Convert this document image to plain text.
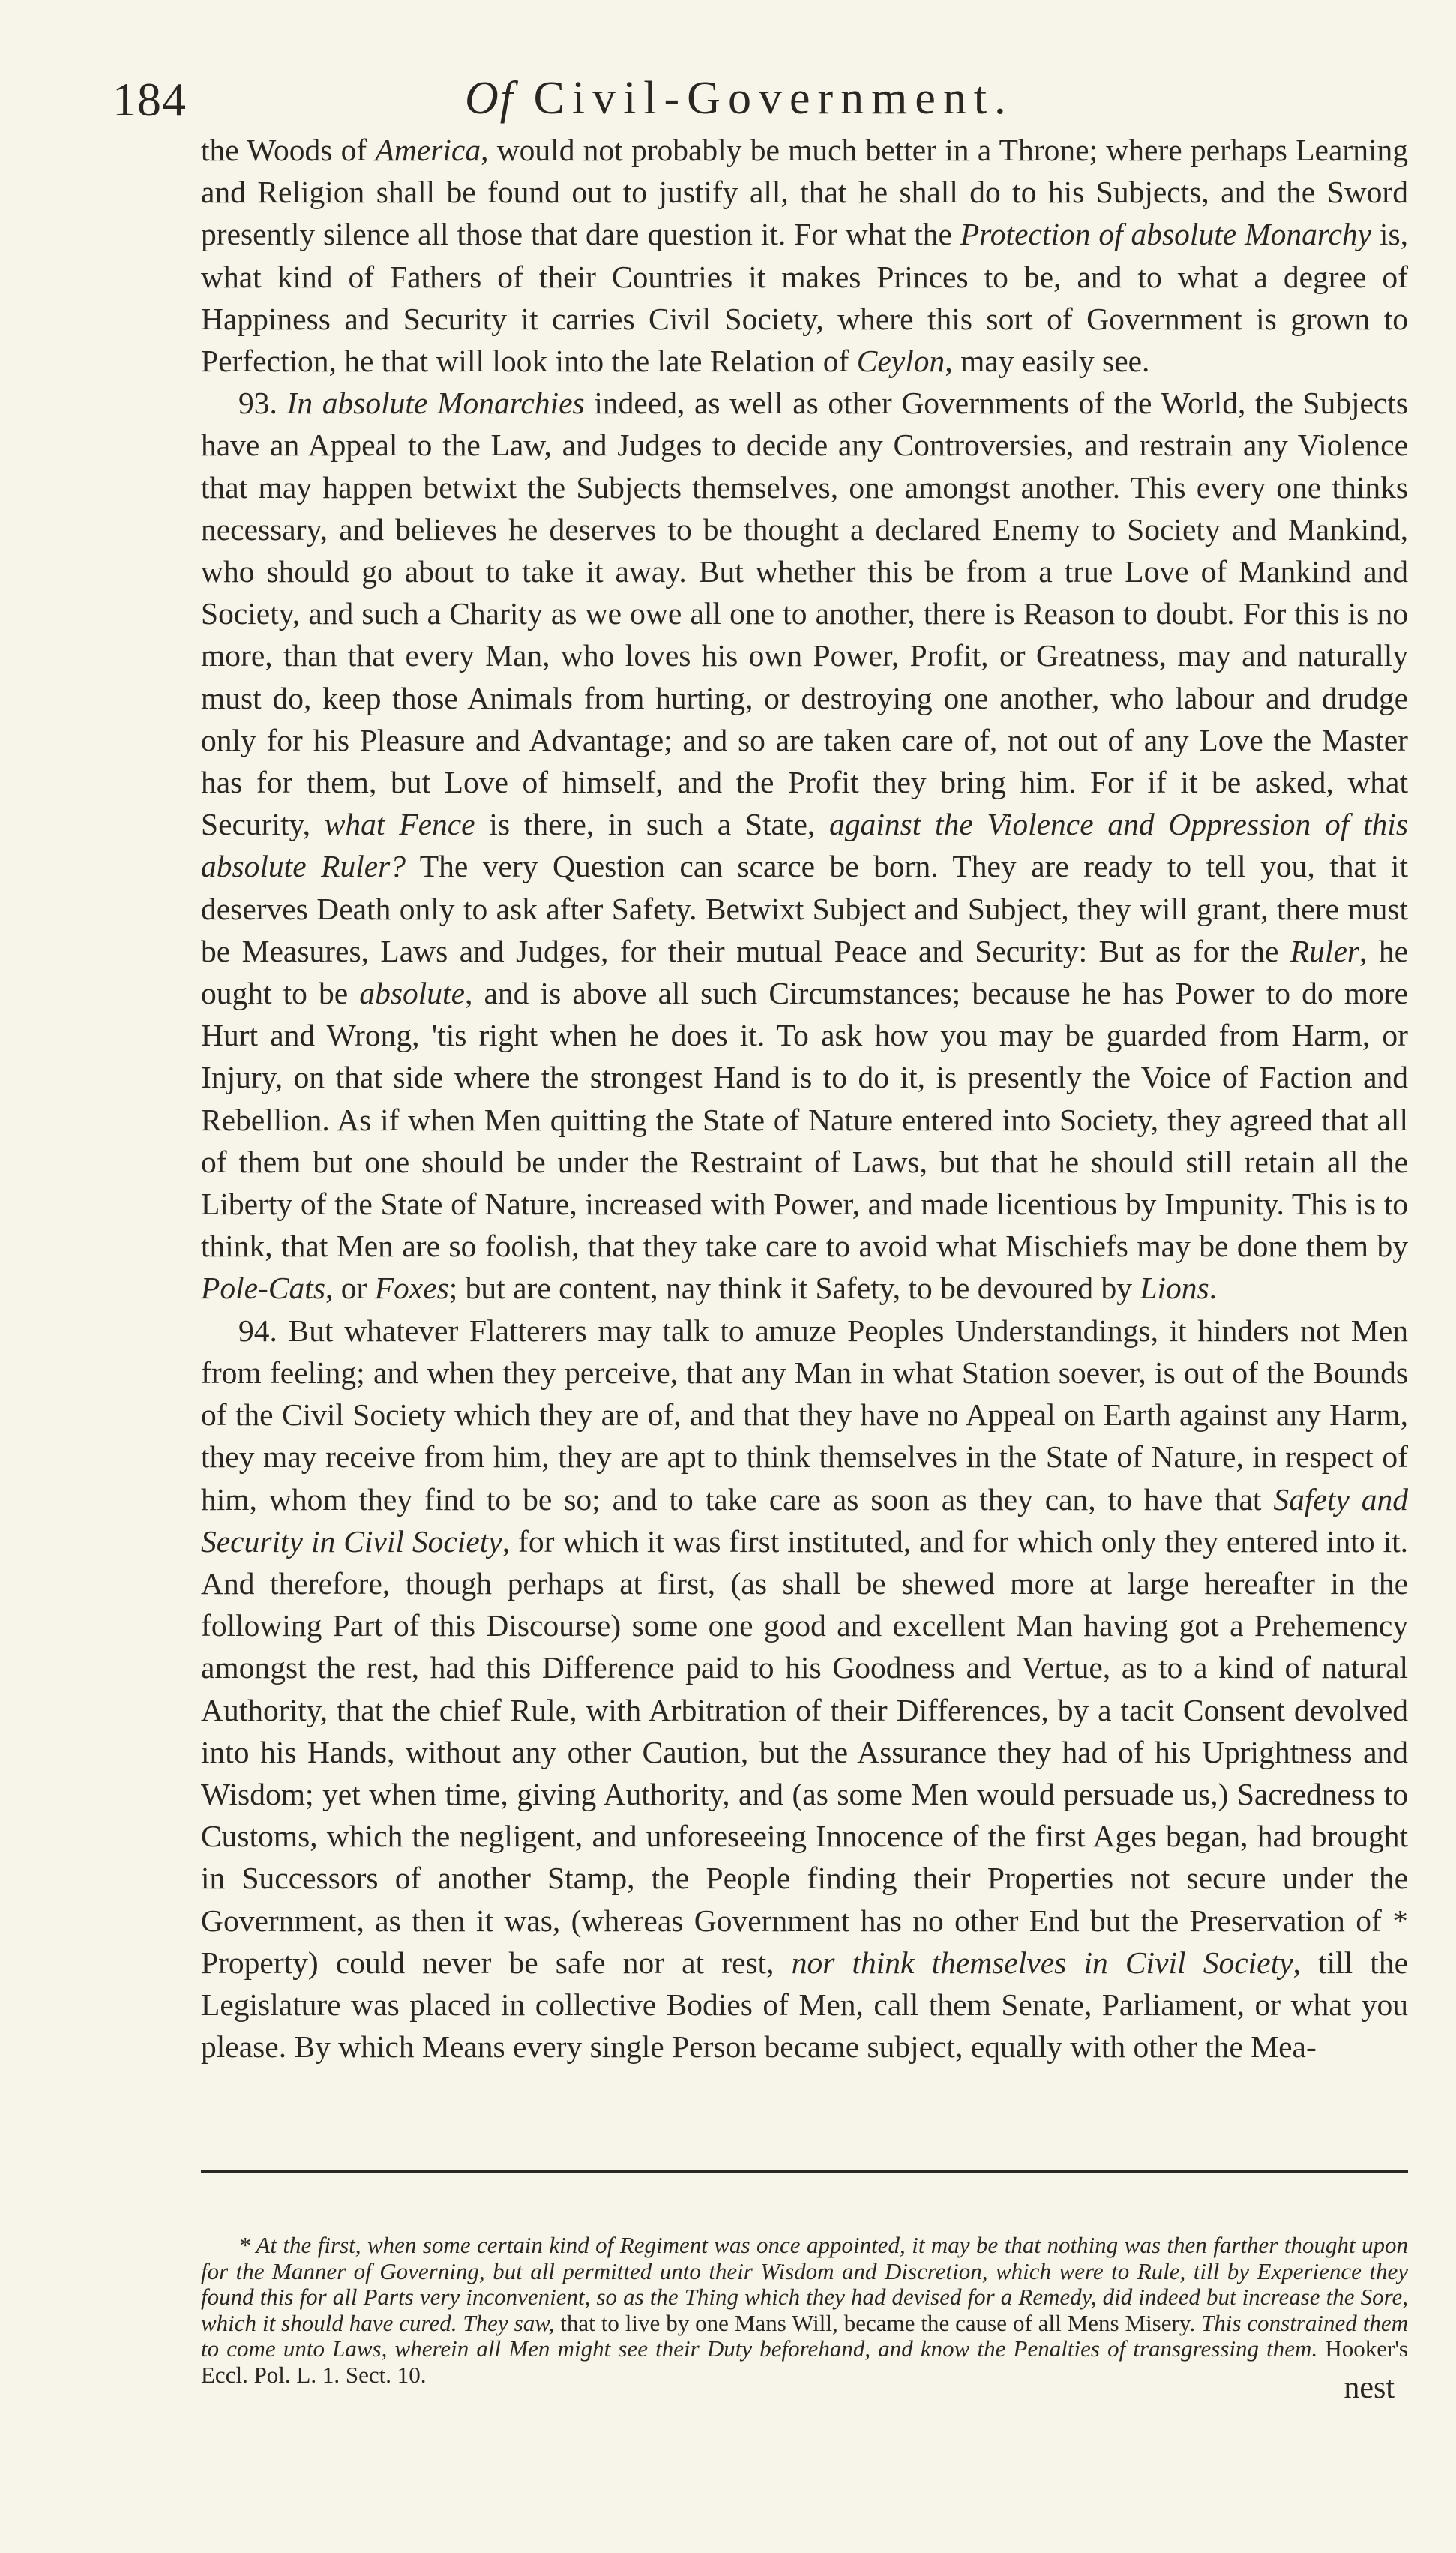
184	Of Civil-Government.

the Woods of America, would not probably be much better in a Throne; where perhaps Learning and Religion shall be found out to justify all, that he shall do to his Subjects, and the Sword presently silence all those that dare question it. For what the Protection of absolute Monarchy is, what kind of Fathers of their Countries it makes Princes to be, and to what a degree of Happiness and Security it carries Civil Society, where this sort of Government is grown to Perfection, he that will look into the late Relation of Ceylon, may easily see.

93. In absolute Monarchies indeed, as well as other Governments of the World, the Subjects have an Appeal to the Law, and Judges to decide any Controversies, and restrain any Violence that may happen betwixt the Subjects themselves, one amongst another. This every one thinks necessary, and believes he deserves to be thought a declared Enemy to Society and Mankind, who should go about to take it away. But whether this be from a true Love of Mankind and Society, and such a Charity as we owe all one to another, there is Reason to doubt. For this is no more, than that every Man, who loves his own Power, Profit, or Greatness, may and naturally must do, keep those Animals from hurting, or destroying one another, who labour and drudge only for his Pleasure and Advantage; and so are taken care of, not out of any Love the Master has for them, but Love of himself, and the Profit they bring him. For if it be asked, what Security, what Fence is there, in such a State, against the Violence and Oppression of this absolute Ruler? The very Question can scarce be born. They are ready to tell you, that it deserves Death only to ask after Safety. Betwixt Subject and Subject, they will grant, there must be Measures, Laws and Judges, for their mutual Peace and Security: But as for the Ruler, he ought to be absolute, and is above all such Circumstances; because he has Power to do more Hurt and Wrong, 'tis right when he does it. To ask how you may be guarded from Harm, or Injury, on that side where the strongest Hand is to do it, is presently the Voice of Faction and Rebellion. As if when Men quitting the State of Nature entered into Society, they agreed that all of them but one should be under the Restraint of Laws, but that he should still retain all the Liberty of the State of Nature, increased with Power, and made licentious by Impunity. This is to think, that Men are so foolish, that they take care to avoid what Mischiefs may be done them by Pole-Cats, or Foxes; but are content, nay think it Safety, to be devoured by Lions.

94. But whatever Flatterers may talk to amuze Peoples Understandings, it hinders not Men from feeling; and when they perceive, that any Man in what Station soever, is out of the Bounds of the Civil Society which they are of, and that they have no Appeal on Earth against any Harm, they may receive from him, they are apt to think themselves in the State of Nature, in respect of him, whom they find to be so; and to take care as soon as they can, to have that Safety and Security in Civil Society, for which it was first instituted, and for which only they entered into it. And therefore, though perhaps at first, (as shall be shewed more at large hereafter in the following Part of this Discourse) some one good and excellent Man having got a Prehemency amongst the rest, had this Difference paid to his Goodness and Vertue, as to a kind of natural Authority, that the chief Rule, with Arbitration of their Differences, by a tacit Consent devolved into his Hands, without any other Caution, but the Assurance they had of his Uprightness and Wisdom; yet when time, giving Authority, and (as some Men would persuade us,) Sacredness to Customs, which the negligent, and unforeseeing Innocence of the first Ages began, had brought in Successors of another Stamp, the People finding their Properties not secure under the Government, as then it was, (whereas Government has no other End but the Preservation of * Property) could never be safe nor at rest, nor think themselves in Civil Society, till the Legislature was placed in collective Bodies of Men, call them Senate, Parliament, or what you please. By which Means every single Person became subject, equally with other the Mea-

* At the first, when some certain kind of Regiment was once appointed, it may be that nothing was then farther thought upon for the Manner of Governing, but all permitted unto their Wisdom and Discretion, which were to Rule, till by Experience they found this for all Parts very inconvenient, so as the Thing which they had devised for a Remedy, did indeed but increase the Sore, which it should have cured. They saw, that to live by one Mans Will, became the cause of all Mens Misery. This constrained them to come unto Laws, wherein all Men might see their Duty beforehand, and know the Penalties of transgressing them. Hooker's Eccl. Pol. L. 1. Sect. 10.	nest
